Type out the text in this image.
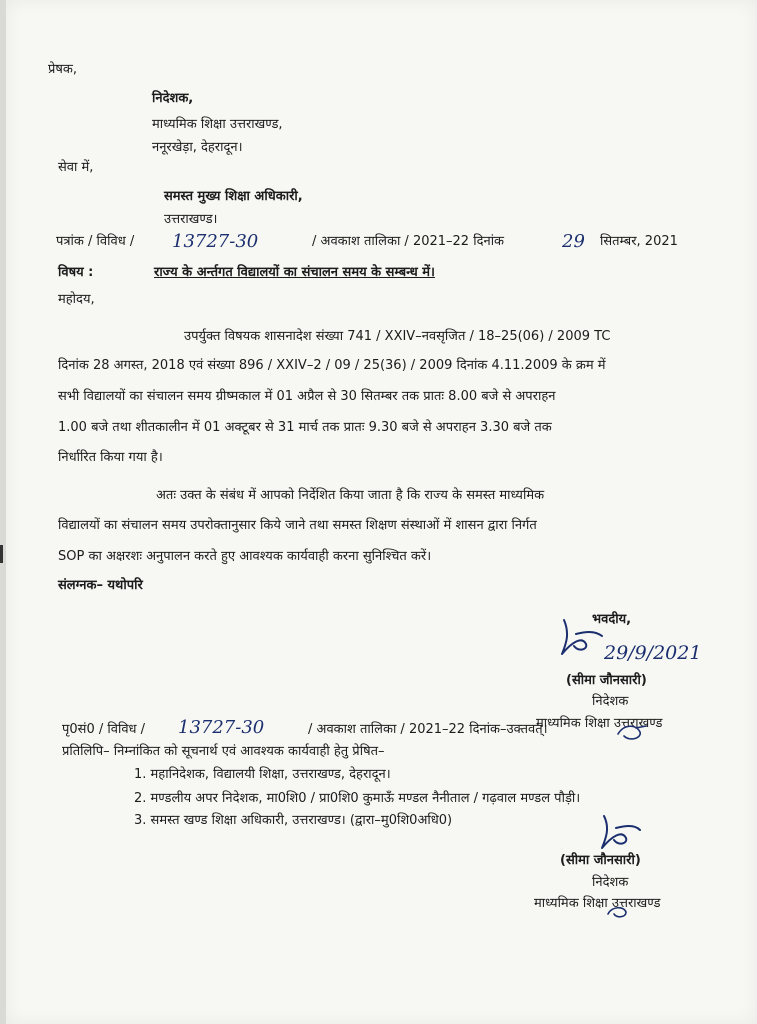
प्रेषक,
निदेशक,
माध्यमिक शिक्षा उत्तराखण्ड,
ननूरखेड़ा, देहरादून।
सेवा में,
समस्त मुख्य शिक्षा अधिकारी,
उत्तराखण्ड।
पत्रांक / विविध / 13727-30	/ अवकाश तालिका / 2021–22 दिनांक	29 सितम्बर, 2021
विषय :	राज्य के अर्न्तगत विद्यालयों का संचालन समय के सम्बन्ध में।
महोदय,
उपर्युक्त विषयक शासनादेश संख्या 741 / XXIV–नवसृजित / 18–25(06) / 2009 TC
दिनांक 28 अगस्त, 2018 एवं संख्या 896 / XXIV–2 / 09 / 25(36) / 2009 दिनांक 4.11.2009 के क्रम में
सभी विद्यालयों का संचालन समय ग्रीष्मकाल में 01 अप्रैल से 30 सितम्बर तक प्रातः 8.00 बजे से अपराहन
1.00 बजे तथा शीतकालीन में 01 अक्टूबर से 31 मार्च तक प्रातः 9.30 बजे से अपराहन 3.30 बजे तक
निर्धारित किया गया है।
अतः उक्त के संबंध में आपको निर्देशित किया जाता है कि राज्य के समस्त माध्यमिक
विद्यालयों का संचालन समय उपरोक्तानुसार किये जाने तथा समस्त शिक्षण संस्थाओं में शासन द्वारा निर्गत
SOP का अक्षरशः अनुपालन करते हुए आवश्यक कार्यवाही करना सुनिश्चित करें।
संलग्नक– यथोपरि
भवदीय,
29/9/2021
(सीमा जौनसारी)
निदेशक
माध्यमिक शिक्षा उत्तराखण्ड
पृ0सं0 / विविध / 13727-30	/ अवकाश तालिका / 2021–22 दिनांक–उक्तवत्।
प्रतिलिपि– निम्नांकित को सूचनार्थ एवं आवश्यक कार्यवाही हेतु प्रेषित–
1. महानिदेशक, विद्यालयी शिक्षा, उत्तराखण्ड, देहरादून।
2. मण्डलीय अपर निदेशक, मा0शि0 / प्रा0शि0 कुमाऊँ मण्डल नैनीताल / गढ़वाल मण्डल पौड़ी।
3. समस्त खण्ड शिक्षा अधिकारी, उत्तराखण्ड। (द्वारा–मु0शि0अधि0)
(सीमा जौनसारी)
निदेशक
माध्यमिक शिक्षा उत्तराखण्ड
